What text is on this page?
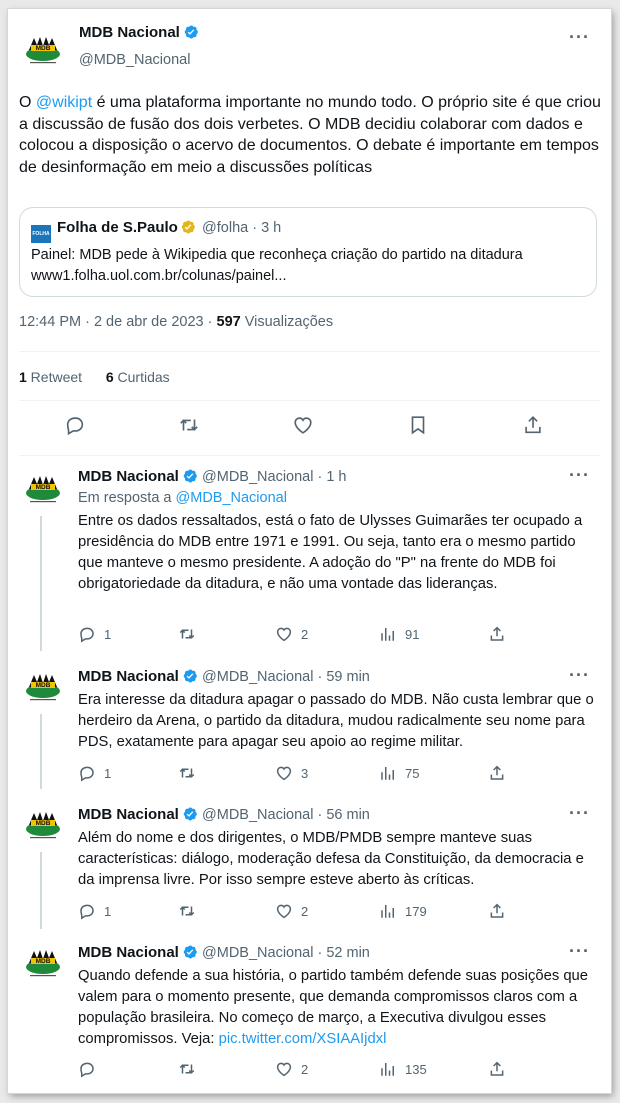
MDB
MDB Nacional
@MDB_Nacional
···
O @wikipt é uma plataforma importante no mundo todo. O próprio site é que criou a discussão de fusão dos dois verbetes. O MDB decidiu colaborar com dados e colocou a disposição o acervo de documentos. O debate é importante em tempos de desinformação em meio a discussões políticas
FOLHA Folha de S.Paulo @folha · 3 h
Painel: MDB pede à Wikipedia que reconheça criação do partido na ditadura
www1.folha.uol.com.br/colunas/painel...
12:44 PM · 2 de abr de 2023 · 597 Visualizações
1 Retweet 6 Curtidas
MDB
MDB Nacional @MDB_Nacional · 1 h	···
Em resposta a @MDB_Nacional
Entre os dados ressaltados, está o fato de Ulysses Guimarães ter ocupado a presidência do MDB entre 1971 e 1991. Ou seja, tanto era o mesmo partido que manteve o mesmo presidente. A adoção do "P" na frente do MDB foi obrigatoriedade da ditadura, e não uma vontade das lideranças.
1	2	91
MDB
MDB Nacional @MDB_Nacional · 59 min	···
Era interesse da ditadura apagar o passado do MDB. Não custa lembrar que o herdeiro da Arena, o partido da ditadura, mudou radicalmente seu nome para PDS, exatamente para apagar seu apoio ao regime militar.
1	3	75
MDB
MDB Nacional @MDB_Nacional · 56 min	···
Além do nome e dos dirigentes, o MDB/PMDB sempre manteve suas características: diálogo, moderação defesa da Constituição, da democracia e da imprensa livre. Por isso sempre esteve aberto às críticas.
1	2	179
MDB
MDB Nacional @MDB_Nacional · 52 min	···
Quando defende a sua história, o partido também defende suas posições que valem para o momento presente, que demanda compromissos claros com a população brasileira. No começo de março, a Executiva divulgou esses compromissos. Veja: pic.twitter.com/XSIAAIjdxl
2	135
